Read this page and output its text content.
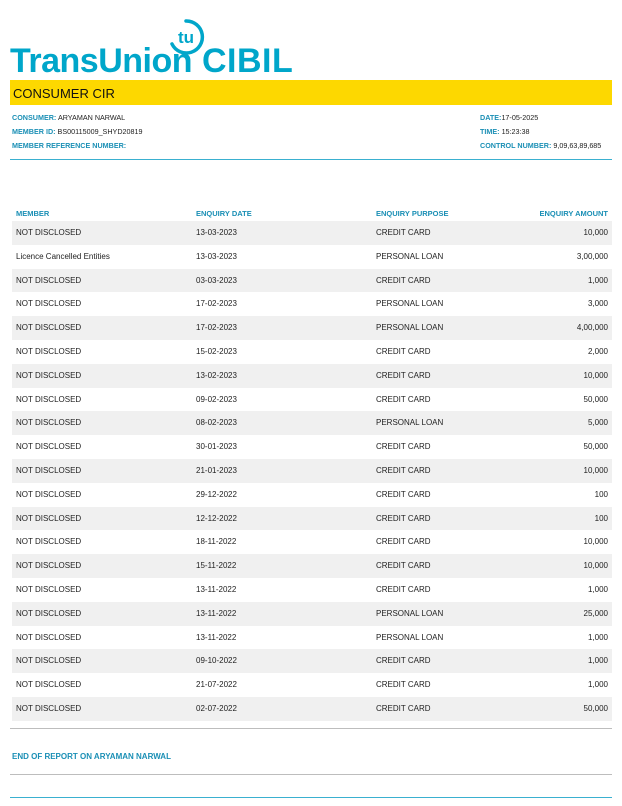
TransUnion
tu
CIBIL
CONSUMER CIR
CONSUMER: ARYAMAN NARWAL
MEMBER ID: BS00115009_SHYD20819
MEMBER REFERENCE NUMBER:
DATE:17-05-2025
TIME: 15:23:38
CONTROL NUMBER: 9,09,63,89,685
MEMBER	ENQUIRY DATE	ENQUIRY PURPOSE	ENQUIRY AMOUNT
NOT DISCLOSED	13-03-2023	CREDIT CARD	10,000
Licence Cancelled Entities	13-03-2023	PERSONAL LOAN	3,00,000
NOT DISCLOSED	03-03-2023	CREDIT CARD	1,000
NOT DISCLOSED	17-02-2023	PERSONAL LOAN	3,000
NOT DISCLOSED	17-02-2023	PERSONAL LOAN	4,00,000
NOT DISCLOSED	15-02-2023	CREDIT CARD	2,000
NOT DISCLOSED	13-02-2023	CREDIT CARD	10,000
NOT DISCLOSED	09-02-2023	CREDIT CARD	50,000
NOT DISCLOSED	08-02-2023	PERSONAL LOAN	5,000
NOT DISCLOSED	30-01-2023	CREDIT CARD	50,000
NOT DISCLOSED	21-01-2023	CREDIT CARD	10,000
NOT DISCLOSED	29-12-2022	CREDIT CARD	100
NOT DISCLOSED	12-12-2022	CREDIT CARD	100
NOT DISCLOSED	18-11-2022	CREDIT CARD	10,000
NOT DISCLOSED	15-11-2022	CREDIT CARD	10,000
NOT DISCLOSED	13-11-2022	CREDIT CARD	1,000
NOT DISCLOSED	13-11-2022	PERSONAL LOAN	25,000
NOT DISCLOSED	13-11-2022	PERSONAL LOAN	1,000
NOT DISCLOSED	09-10-2022	CREDIT CARD	1,000
NOT DISCLOSED	21-07-2022	CREDIT CARD	1,000
NOT DISCLOSED	02-07-2022	CREDIT CARD	50,000
END OF REPORT ON ARYAMAN NARWAL
